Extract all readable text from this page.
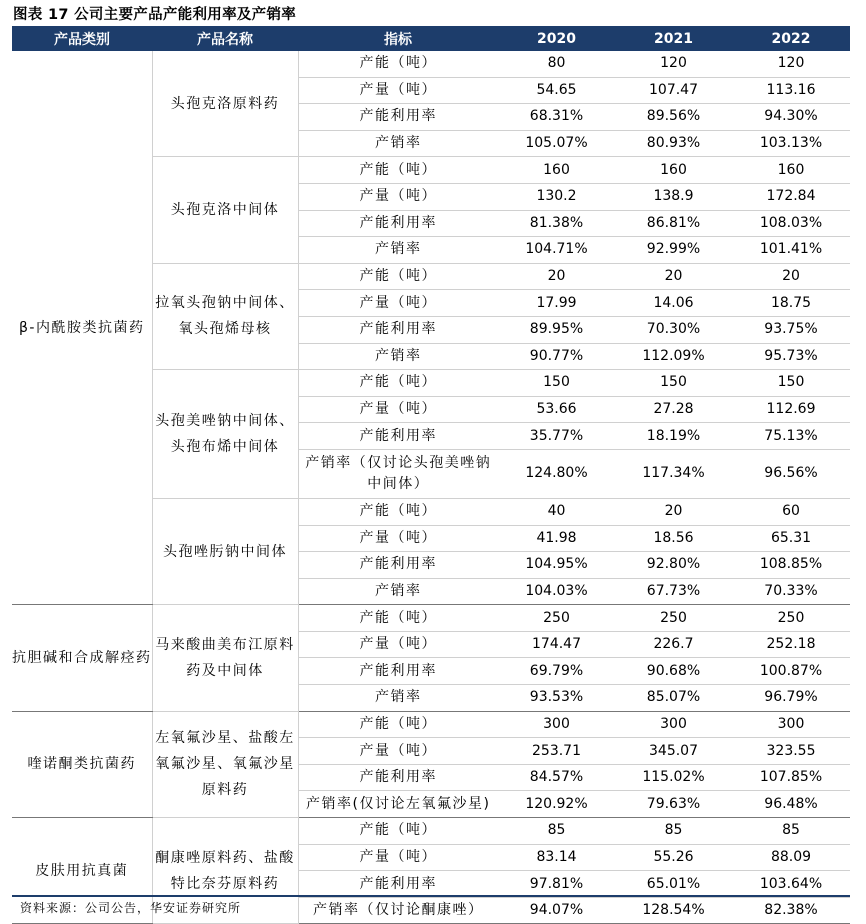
图表 17 公司主要产品产能利用率及产销率
产品类别	产品名称	指标	2020	2021	2022
β-内酰胺类抗菌药	头孢克洛原料药	产能（吨）	80	120	120
		产量（吨）	54.65	107.47	113.16
		产能利用率	68.31%	89.56%	94.30%
		产销率	105.07%	80.93%	103.13%
	头孢克洛中间体	产能（吨）	160	160	160
		产量（吨）	130.2	138.9	172.84
		产能利用率	81.38%	86.81%	108.03%
		产销率	104.71%	92.99%	101.41%
	拉氧头孢钠中间体、氧头孢烯母核	产能（吨）	20	20	20
		产量（吨）	17.99	14.06	18.75
		产能利用率	89.95%	70.30%	93.75%
		产销率	90.77%	112.09%	95.73%
	头孢美唑钠中间体、头孢布烯中间体	产能（吨）	150	150	150
		产量（吨）	53.66	27.28	112.69
		产能利用率	35.77%	18.19%	75.13%
		产销率（仅讨论头孢美唑钠中间体）	124.80%	117.34%	96.56%
	头孢唑肟钠中间体	产能（吨）	40	20	60
		产量（吨）	41.98	18.56	65.31
		产能利用率	104.95%	92.80%	108.85%
		产销率	104.03%	67.73%	70.33%
抗胆碱和合成解痉药	马来酸曲美布江原料药及中间体	产能（吨）	250	250	250
		产量（吨）	174.47	226.7	252.18
		产能利用率	69.79%	90.68%	100.87%
		产销率	93.53%	85.07%	96.79%
喹诺酮类抗菌药	左氧氟沙星、盐酸左氧氟沙星、氧氟沙星原料药	产能（吨）	300	300	300
		产量（吨）	253.71	345.07	323.55
		产能利用率	84.57%	115.02%	107.85%
		产销率(仅讨论左氧氟沙星)	120.92%	79.63%	96.48%
皮肤用抗真菌	酮康唑原料药、盐酸特比奈芬原料药	产能（吨）	85	85	85
		产量（吨）	83.14	55.26	88.09
		产能利用率	97.81%	65.01%	103.64%
		产销率（仅讨论酮康唑）	94.07%	128.54%	82.38%
资料来源：公司公告，华安证券研究所
